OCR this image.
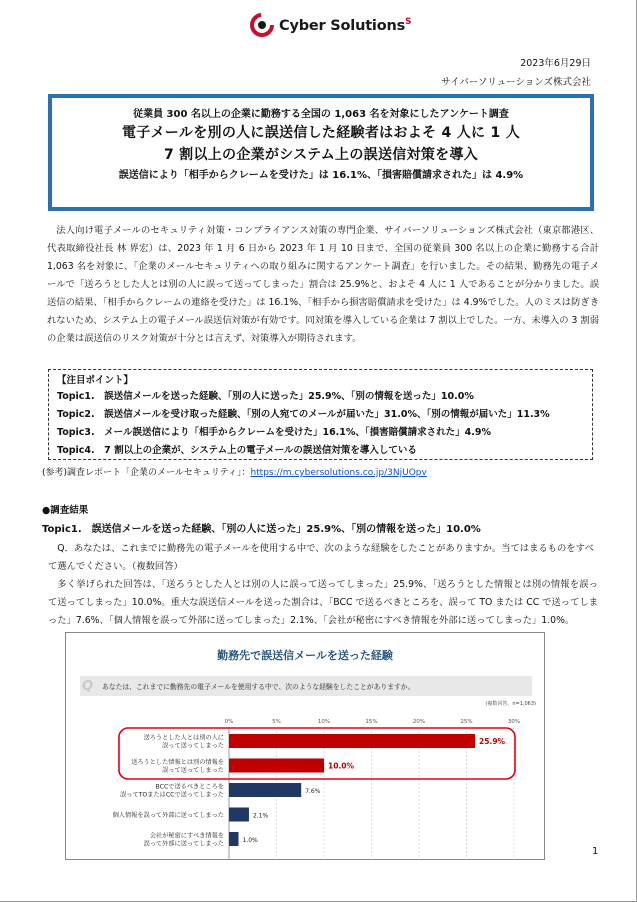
Cyber Solutions$^S$
2023年6月29日
サイバーソリューションズ株式会社
従業員 300 名以上の企業に勤務する全国の 1,063 名を対象にしたアンケート調査
電子メールを別の人に誤送信した経験者はおよそ 4 人に 1 人
7 割以上の企業がシステム上の誤送信対策を導入
誤送信により「相手からクレームを受けた」は 16.1%、「損害賠償請求された」は 4.9%

法人向け電子メールのセキュリティ対策・コンプライアンス対策の専門企業、サイバーソリューションズ株式会社（東京都港区、代表取締役社長 林 界宏）は、2023 年 1 月 6 日から 2023 年 1 月 10 日まで、全国の従業員 300 名以上の企業に勤務する合計 1,063 名を対象に、「企業のメールセキュリティへの取り組みに関するアンケート調査」を行いました。その結果、勤務先の電子メールで「送ろうとした人とは別の人に誤って送ってしまった」割合は 25.9%と、およそ 4 人に 1 人であることが分かりました。誤送信の結果、「相手からクレームの連絡を受けた」は 16.1%、「相手から損害賠償請求を受けた」は 4.9%でした。人のミスは防ぎきれないため、システム上の電子メール誤送信対策が有効です。同対策を導入している企業は 7 割以上でした。一方、未導入の 3 割弱の企業は誤送信のリスク対策が十分とは言えず、対策導入が期待されます。

【注目ポイント】
Topic1.　誤送信メールを送った経験、「別の人に送った」25.9%、「別の情報を送った」10.0%
Topic2.　誤送信メールを受け取った経験、「別の人宛てのメールが届いた」31.0%、「別の情報が届いた」11.3%
Topic3.　メール誤送信により「相手からクレームを受けた」16.1%、「損害賠償請求された」4.9%
Topic4.　7 割以上の企業が、システム上の電子メールの誤送信対策を導入している
(参考)調査レポート「企業のメールセキュリティ」：https://m.cybersolutions.co.jp/3NjUOpv
●調査結果
Topic1.　誤送信メールを送った経験、「別の人に送った」25.9%、「別の情報を送った」10.0%

Q．あなたは、これまでに勤務先の電子メールを使用する中で、次のような経験をしたことがありますか。当てはまるものをすべて選んでください。（複数回答）

多く挙げられた回答は、「送ろうとした人とは別の人に誤って送ってしまった」25.9%、「送ろうとした情報とは別の情報を誤って送ってしまった」10.0%。重大な誤送信メールを送った割合は、「BCC で送るべきところを、誤って TO または CC で送ってしまった」7.6%、「個人情報を誤って外部に送ってしまった」2.1%、「会社が秘密にすべき情報を外部に送ってしまった」1.0%。

勤務先で誤送信メールを送った経験
Q あなたは、これまでに勤務先の電子メールを使用する中で、次のような経験をしたことがありますか。
(複数回答、n=1,063)
0%	5%	10%	15%	20%	25%	30%
25.9%
送ろうとした人とは別の人に
誤って送ってしまった
10.0%
送ろうとした情報とは別の情報を
誤って送ってしまった
7.6%
BCCで送るべきところを
誤ってTOまたはCCで送ってしまった
2.1%
個人情報を誤って外部に送ってしまった
1.0%
会社が秘密にすべき情報を
誤って外部に送ってしまった
1
